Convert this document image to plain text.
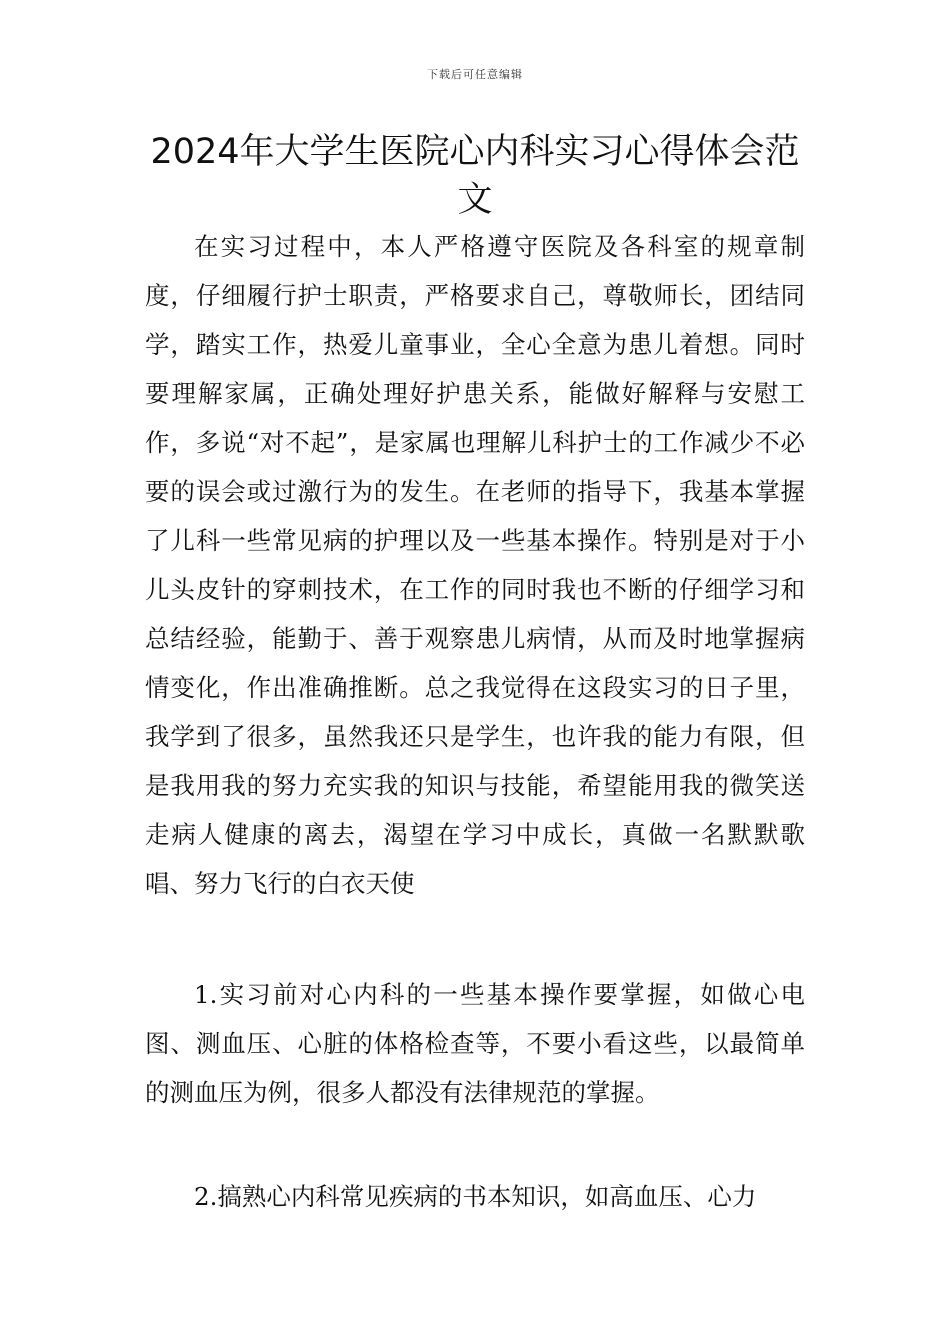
下载后可任意编辑
2024年大学生医院心内科实习心得体会范文

在实习过程中，本人严格遵守医院及各科室的规章制度，仔细履行护士职责，严格要求自己，尊敬师长，团结同学，踏实工作，热爱儿童事业，全心全意为患儿着想。同时要理解家属，正确处理好护患关系，能做好解释与安慰工作，多说“对不起”，是家属也理解儿科护士的工作减少不必要的误会或过激行为的发生。在老师的指导下，我基本掌握了儿科一些常见病的护理以及一些基本操作。特别是对于小儿头皮针的穿刺技术，在工作的同时我也不断的仔细学习和总结经验，能勤于、善于观察患儿病情，从而及时地掌握病情变化，作出准确推断。总之我觉得在这段实习的日子里，我学到了很多，虽然我还只是学生，也许我的能力有限，但是我用我的努力充实我的知识与技能，希望能用我的微笑送走病人健康的离去，渴望在学习中成长，真做一名默默歌唱、努力飞行的白衣天使

1.实习前对心内科的一些基本操作要掌握，如做心电图、测血压、心脏的体格检查等，不要小看这些，以最简单的测血压为例，很多人都没有法律规范的掌握。

2.搞熟心内科常见疾病的书本知识，如高血压、心力
